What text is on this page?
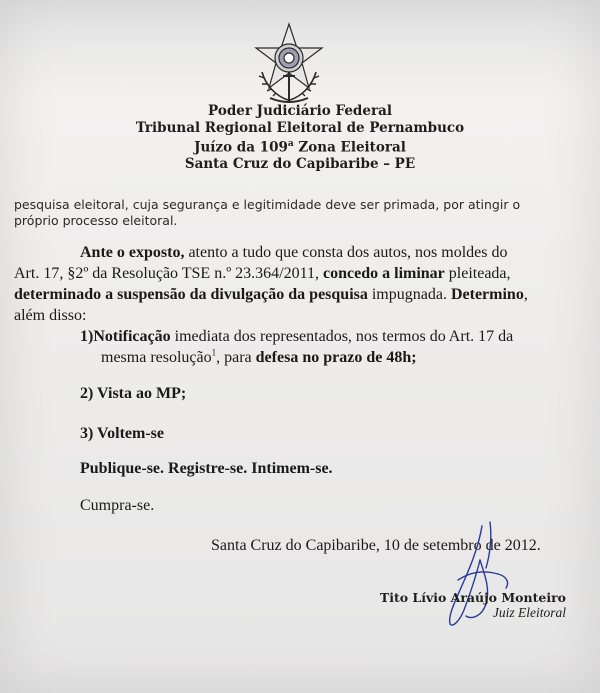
Poder Judiciário Federal
Tribunal Regional Eleitoral de Pernambuco
Juízo da 109$^a$ Zona Eleitoral
Santa Cruz do Capibaribe – PE
pesquisa eleitoral, cuja segurança e legitimidade deve ser primada, por atingir o
próprio processo eleitoral.
Ante o exposto, atento a tudo que consta dos autos, nos moldes do
Art. 17, §2º da Resolução TSE n.º 23.364/2011, concedo a liminar pleiteada,
determinado a suspensão da divulgação da pesquisa impugnada. Determino,
além disso:
1)Notificação imediata dos representados, nos termos do Art. 17 da
mesma resolução$^1$, para defesa no prazo de 48h;
2) Vista ao MP;
3) Voltem-se
Publique-se. Registre-se. Intimem-se.
Cumpra-se.
Santa Cruz do Capibaribe, 10 de setembro de 2012.
Tito Lívio Araújo Monteiro
Juiz Eleitoral
